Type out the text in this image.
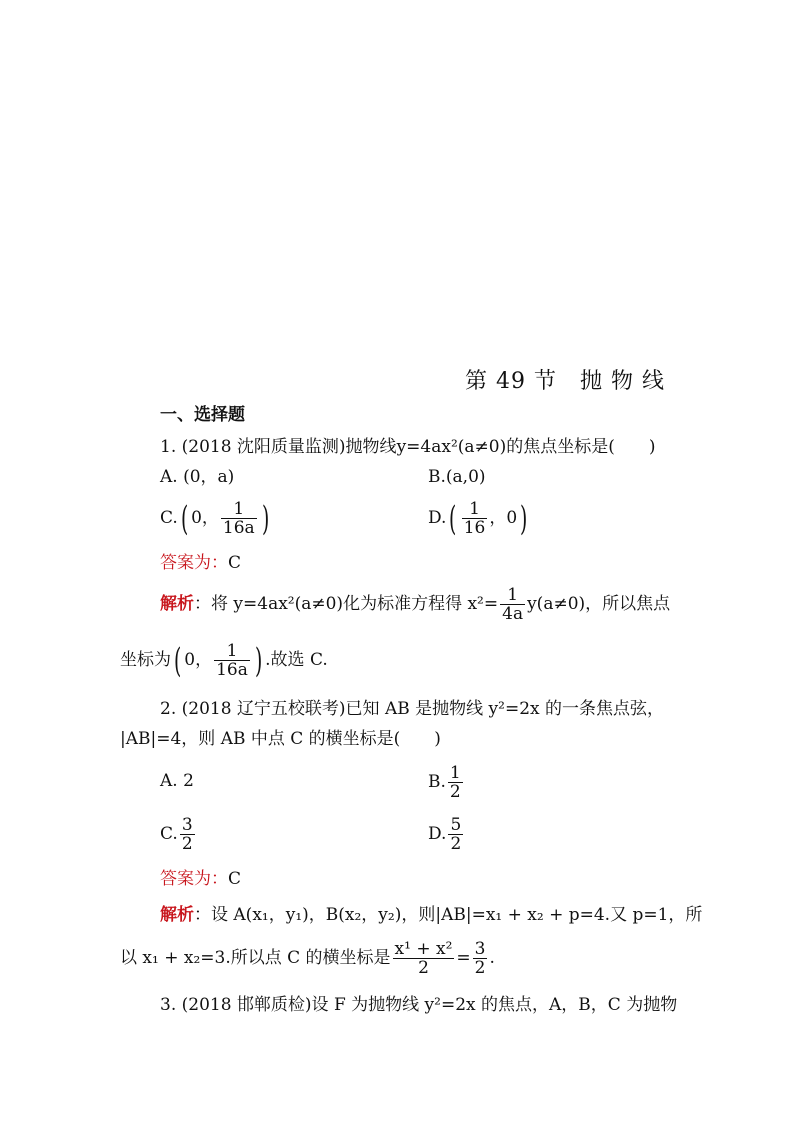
第 49 节　抛 物 线
一、选择题
1. (2018 沈阳质量监测)抛物线y=4ax²(a≠0)的焦点坐标是(　　)
A. (0，a)	B.(a,0)
C.( 0， $\frac{1}{16a}$ )	$D.( \frac{1}{16}$ ，0)
答案为：C
解析：将 y=4ax²(a≠0)化为标准方程得 $x^2= \frac{1}{4a} y(a\ne 0)$，所以焦点
坐标为( 0， $\frac{1}{16a}$ ) .故选 C.
2. (2018 辽宁五校联考)已知 AB 是抛物线 y²=2x 的一条焦点弦，
|AB|=4，则 AB 中点 C 的横坐标是(　　)
A. 2	B. $\frac{1}{2}$
C. $\frac{3}{2}$	D. $\frac{5}{2}$
答案为：C
解析：设 A(x₁，y₁)，B(x₂，y₂)，则|AB|=x₁ + x₂ + p=4.又 p=1，所
以 x₁ + x₂=3.所以点 C 的横坐标是 $\frac{\text{x¹ + x²}}{2} = \frac{3}{2}$ .
3. (2018 邯郸质检)设 F 为抛物线 y²=2x 的焦点，A，B，C 为抛物
